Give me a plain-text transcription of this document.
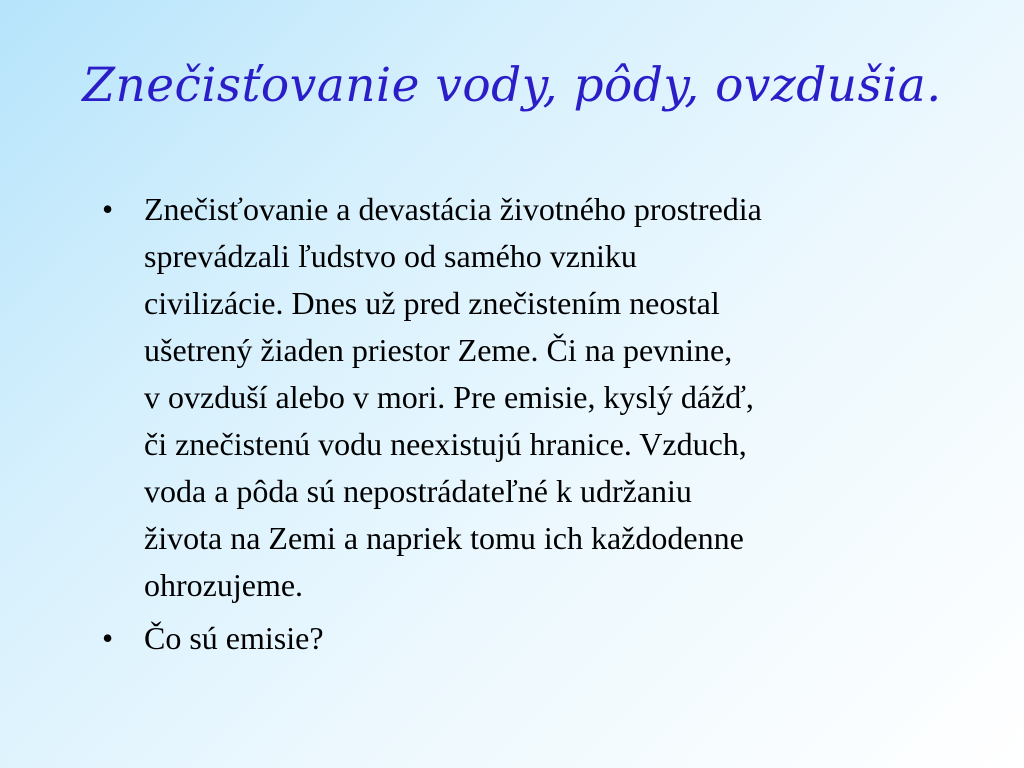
Znečisťovanie vody, pôdy, ovzdušia.
• Znečisťovanie a devastácia životného prostredia
sprevádzali ľudstvo od samého vzniku
civilizácie. Dnes už pred znečistením neostal
ušetrený žiaden priestor Zeme. Či na pevnine,
v ovzduší alebo v mori. Pre emisie, kyslý dážď,
či znečistenú vodu neexistujú hranice. Vzduch,
voda a pôda sú nepostrádateľné k udržaniu
života na Zemi a napriek tomu ich každodenne
ohrozujeme.
• Čo sú emisie?
